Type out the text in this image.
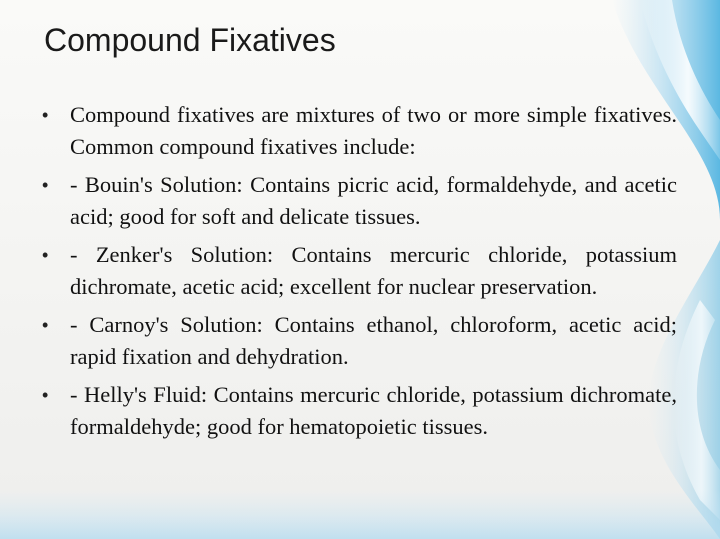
Compound Fixatives
• Compound fixatives are mixtures of two or more simple fixatives. Common compound fixatives include:
• - Bouin's Solution: Contains picric acid, formaldehyde, and acetic acid; good for soft and delicate tissues.
• - Zenker's Solution: Contains mercuric chloride, potassium dichromate, acetic acid; excellent for nuclear preservation.
• - Carnoy's Solution: Contains ethanol, chloroform, acetic acid; rapid fixation and dehydration.
• - Helly's Fluid: Contains mercuric chloride, potassium dichromate, formaldehyde; good for hematopoietic tissues.
